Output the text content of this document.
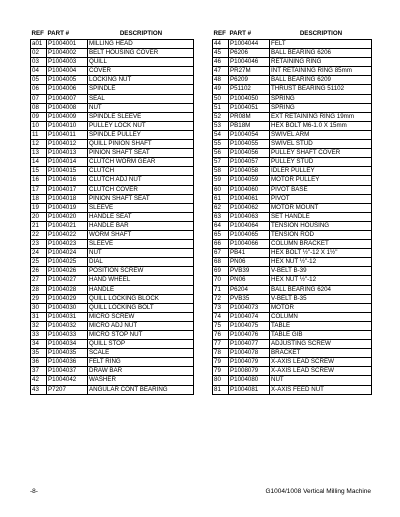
REF	PART #	DESCRIPTION
a01	P1004001	MILLING HEAD
02	P1004002	BELT HOUSING COVER
03	P1004003	QUILL
04	P1004004	COVER
05	P1004005	LOCKING NUT
06	P1004006	SPINDLE
07	P1004007	SEAL
08	P1004008	NUT
09	P1004009	SPINDLE SLEEVE
10	P1004010	PULLEY LOCK NUT
11	P1004011	SPINDLE PULLEY
12	P1004012	QUILL PINION SHAFT
13	P1004013	PINION SHAFT SEAT
14	P1004014	CLUTCH WORM GEAR
15	P1004015	CLUTCH
16	P1004016	CLUTCH ADJ NUT
17	P1004017	CLUTCH COVER
18	P1004018	PINION SHAFT SEAT
19	P1004019	SLEEVE
20	P1004020	HANDLE SEAT
21	P1004021	HANDLE BAR
22	P1004022	WORM SHAFT
23	P1004023	SLEEVE
24	P1004024	NUT
25	P1004025	DIAL
26	P1004026	POSITION SCREW
27	P1004027	HAND WHEEL
28	P1004028	HANDLE
29	P1004029	QUILL LOCKING BLOCK
30	P1004030	QUILL LOCKING BOLT
31	P1004031	MICRO SCREW
32	P1004032	MICRO ADJ NUT
33	P1004033	MICRO STOP NUT
34	P1004034	QUILL STOP
35	P1004035	SCALE
36	P1004036	FELT RING
37	P1004037	DRAW BAR
42	P1004042	WASHER
43	P7207	ANGULAR CONT BEARING
REF	PART #	DESCRIPTION
44	P1004044	FELT
45	P6206	BALL BEARING 6206
46	P1004046	RETAINING RING
47	PR27M	INT RETAINING RING 85mm
48	P6209	BALL BEARING 6209
49	P51102	THRUST BEARING 51102
50	P1004050	SPRING
51	P1004051	SPRING
52	PR08M	EXT RETAINING RING 19mm
53	PB18M	HEX BOLT M6-1.0 X 15mm
54	P1004054	SWIVEL ARM
55	P1004055	SWIVEL STUD
56	P1004056	PULLEY SHAFT COVER
57	P1004057	PULLEY STUD
58	P1004058	IDLER PULLEY
59	P1004059	MOTOR PULLEY
60	P1004060	PIVOT BASE
61	P1004061	PIVOT
62	P1004062	MOTOR MOUNT
63	P1004063	SET HANDLE
64	P1004064	TENSION HOUSING
65	P1004065	TENSION ROD
66	P1004066	COLUMN BRACKET
67	PB41	HEX BOLT ½"-12 X 1½"
68	PN06	HEX NUT ½"-12
69	PVB39	V-BELT B-39
70	PN06	HEX NUT ½"-12
71	P6204	BALL BEARING 6204
72	PVB35	V-BELT B-35
73	P1004073	MOTOR
74	P1004074	COLUMN
75	P1004075	TABLE
76	P1004076	TABLE GIB
77	P1004077	ADJUSTING SCREW
78	P1004078	BRACKET
79	P1004079	X-AXIS LEAD SCREW
79	P1008079	X-AXIS LEAD SCREW
80	P1004080	NUT
81	P1004081	X-AXIS FEED NUT
-8-	G1004/1008 Vertical Milling Machine
